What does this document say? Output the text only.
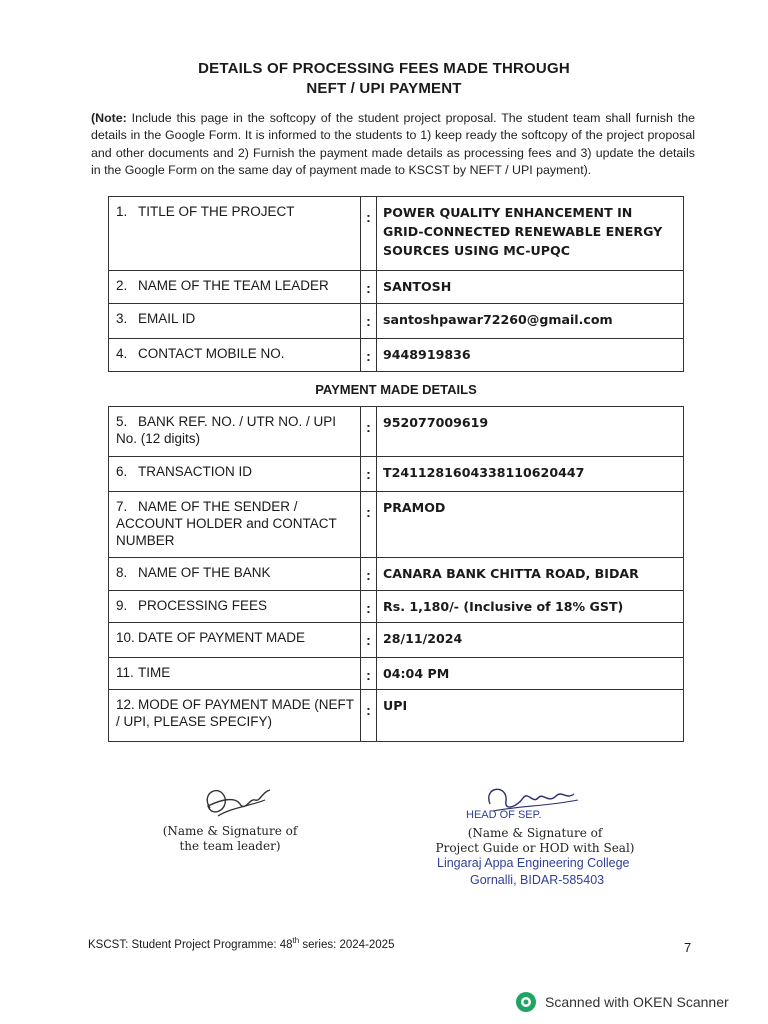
DETAILS OF PROCESSING FEES MADE THROUGH
NEFT / UPI PAYMENT
(Note: Include this page in the softcopy of the student project proposal. The student team shall furnish the details in the Google Form. It is informed to the students to 1) keep ready the softcopy of the project proposal and other documents and 2) Furnish the payment made details as processing fees and 3) update the details in the Google Form on the same day of payment made to KSCST by NEFT / UPI payment).
1. TITLE OF THE PROJECT	:	POWER QUALITY ENHANCEMENT IN GRID-CONNECTED RENEWABLE ENERGY SOURCES USING MC-UPQC
2. NAME OF THE TEAM LEADER	:	SANTOSH
3. EMAIL ID	:	santoshpawar72260@gmail.com
4. CONTACT MOBILE NO.	:	9448919836
PAYMENT MADE DETAILS
5. BANK REF. NO. / UTR NO. / UPI No. (12 digits)	:	952077009619
6. TRANSACTION ID	:	T2411281604338110620447
7. NAME OF THE SENDER / ACCOUNT HOLDER and CONTACT NUMBER	:	PRAMOD
8. NAME OF THE BANK	:	CANARA BANK CHITTA ROAD, BIDAR
9. PROCESSING FEES	:	Rs. 1,180/- (Inclusive of 18% GST)
10. DATE OF PAYMENT MADE	:	28/11/2024
11. TIME	:	04:04 PM
12. MODE OF PAYMENT MADE (NEFT / UPI, PLEASE SPECIFY)	:	UPI
(Name & Signature of
the team leader)
HEAD OF SEP.
(Name & Signature of
Project Guide or HOD with Seal)
Lingaraj Appa Engineering College
Gornalli, BIDAR-585403
KSCST: Student Project Programme: 48th series: 2024-2025	7
Scanned with OKEN Scanner
